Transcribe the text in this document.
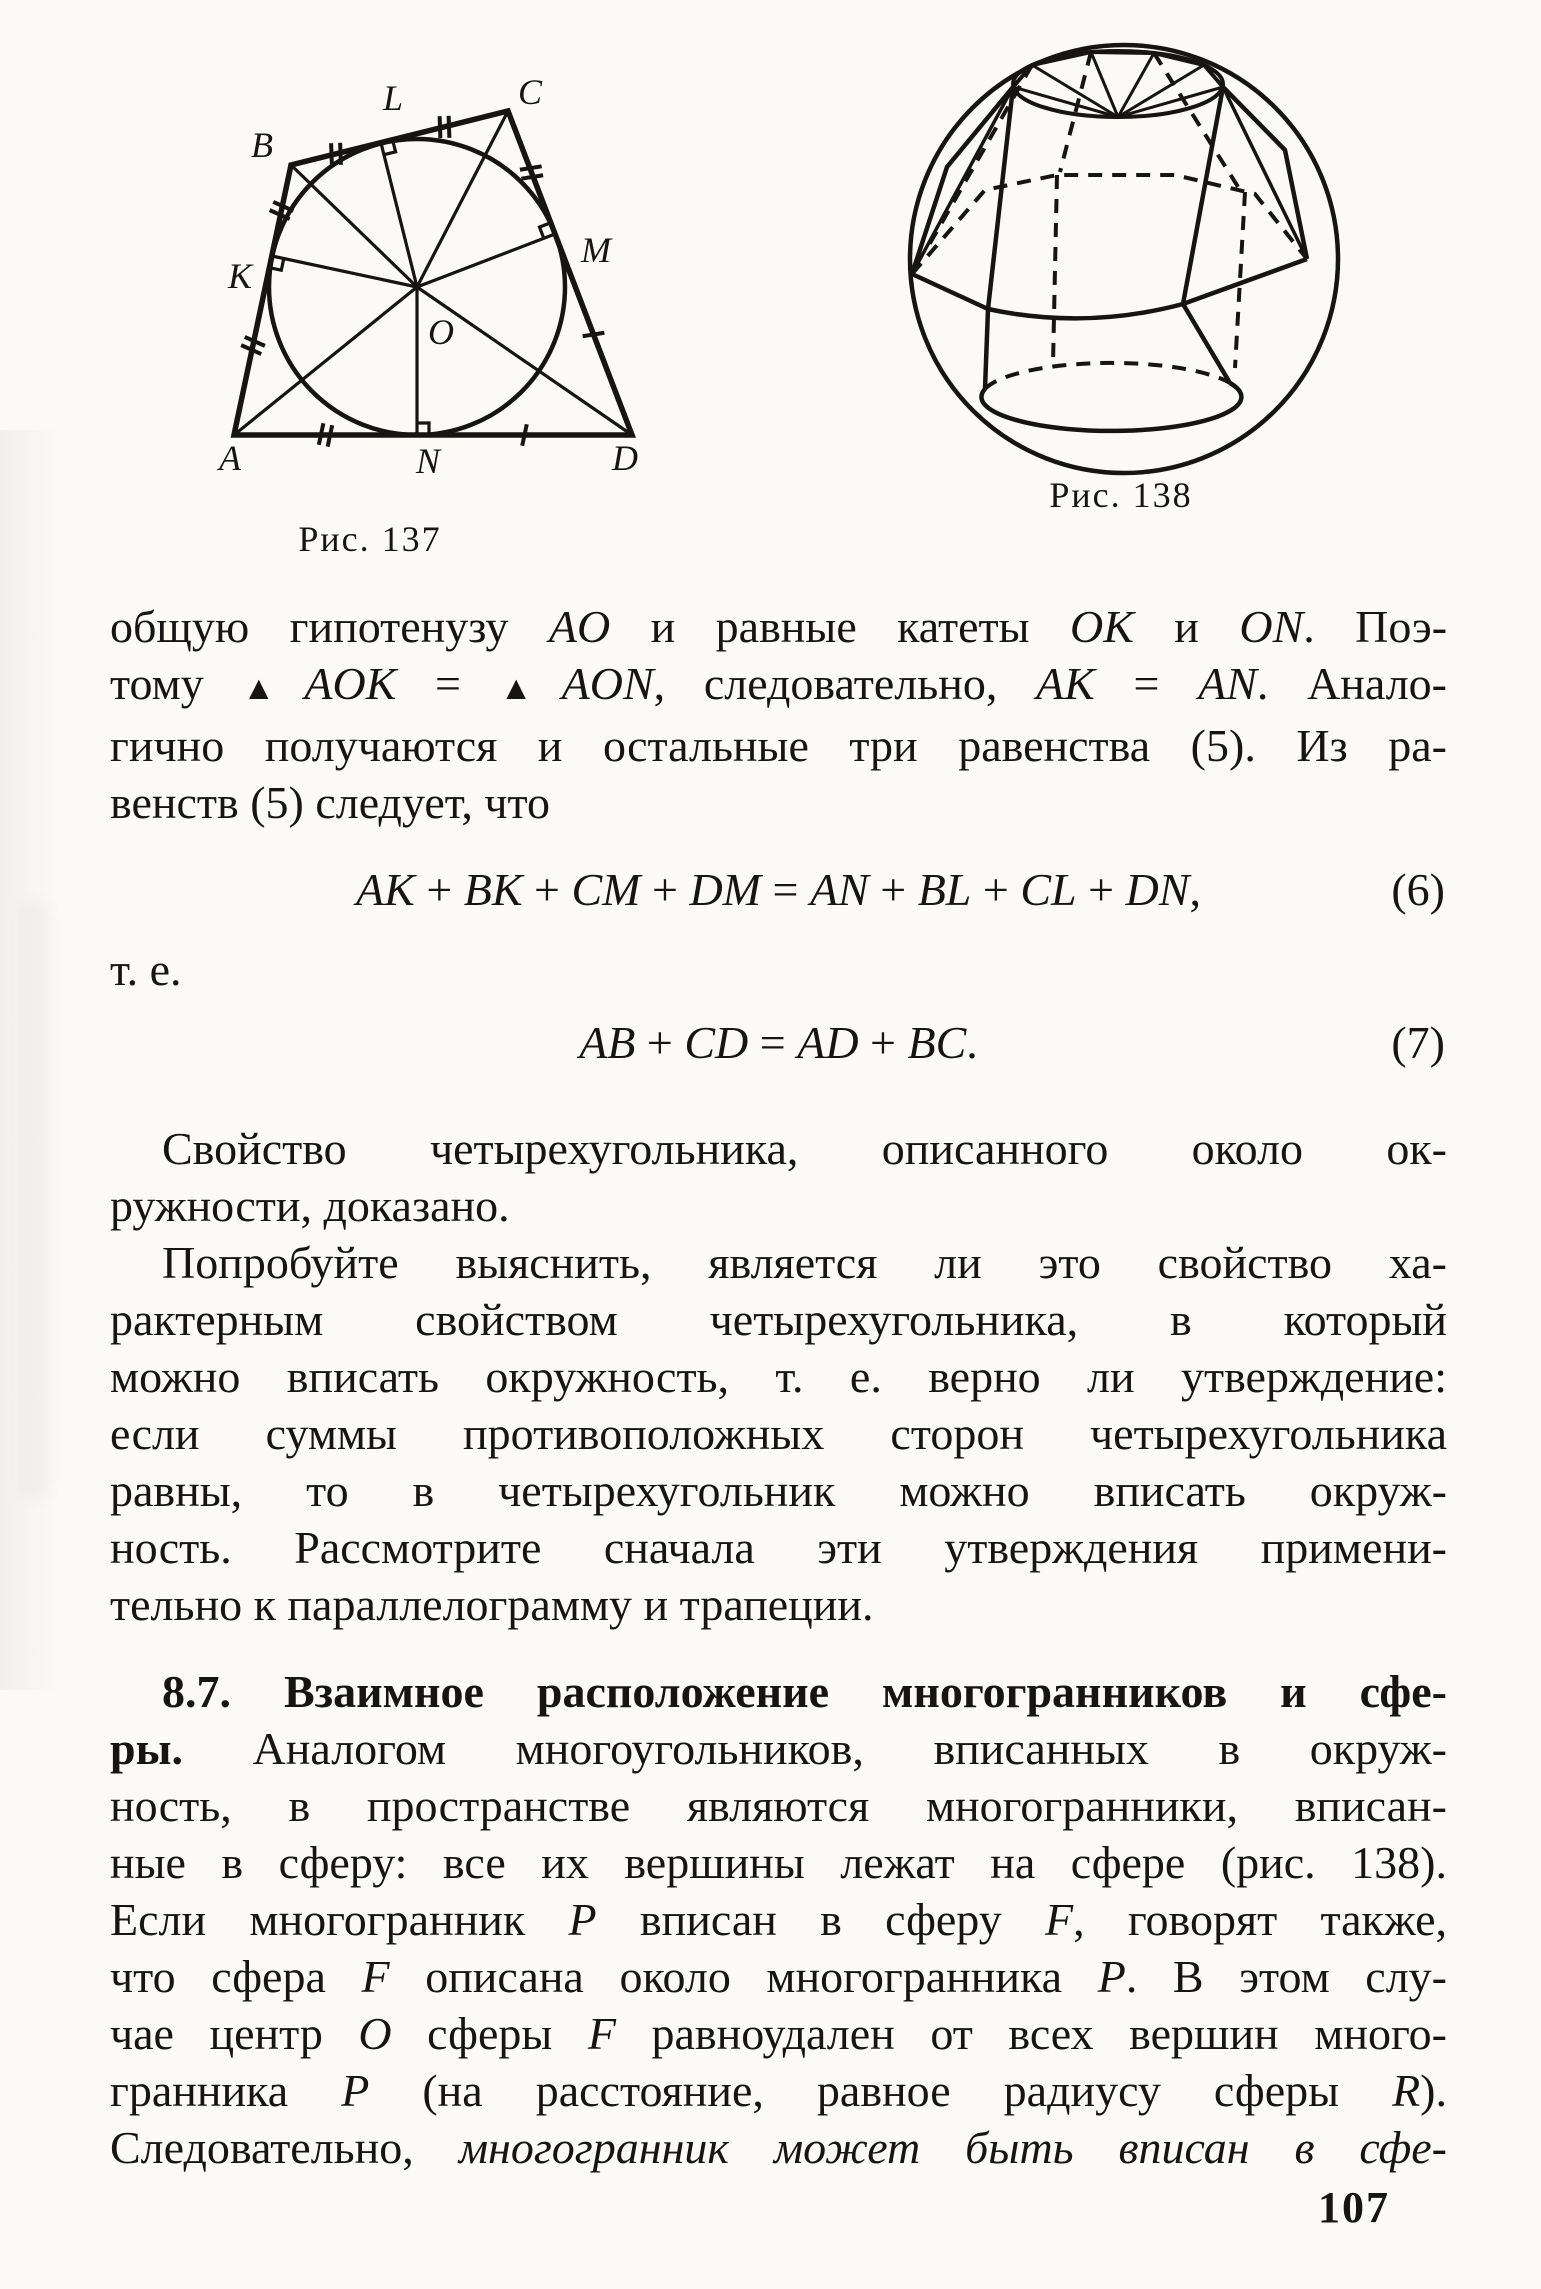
A
B
C
D
K
L
M
N
O
Рис. 137
Рис. 138
общую гипотенузу AO и равные катеты OK и ON. Поэ-
тому ▲AOK = ▲AON, следовательно, AK = AN. Анало-
гично получаются и остальные три равенства (5). Из ра-
венств (5) следует, что
AK + BK + CM + DM = AN + BL + CL + DN,	(6)
т. е.
AB + CD = AD + BC.	(7)
Свойство четырехугольника, описанного около ок-
ружности, доказано.
Попробуйте выяснить, является ли это свойство ха-
рактерным свойством четырехугольника, в который
можно вписать окружность, т. е. верно ли утверждение:
если суммы противоположных сторон четырехугольника
равны, то в четырехугольник можно вписать окруж-
ность. Рассмотрите сначала эти утверждения примени-
тельно к параллелограмму и трапеции.
8.7. Взаимное расположение многогранников и сфе-
ры. Аналогом многоугольников, вписанных в окруж-
ность, в пространстве являются многогранники, вписан-
ные в сферу: все их вершины лежат на сфере (рис. 138).
Если многогранник P вписан в сферу F, говорят также,
что сфера F описана около многогранника P. В этом слу-
чае центр O сферы F равноудален от всех вершин много-
гранника P (на расстояние, равное радиусу сферы R).
Следовательно, многогранник может быть вписан в сфе-
107
